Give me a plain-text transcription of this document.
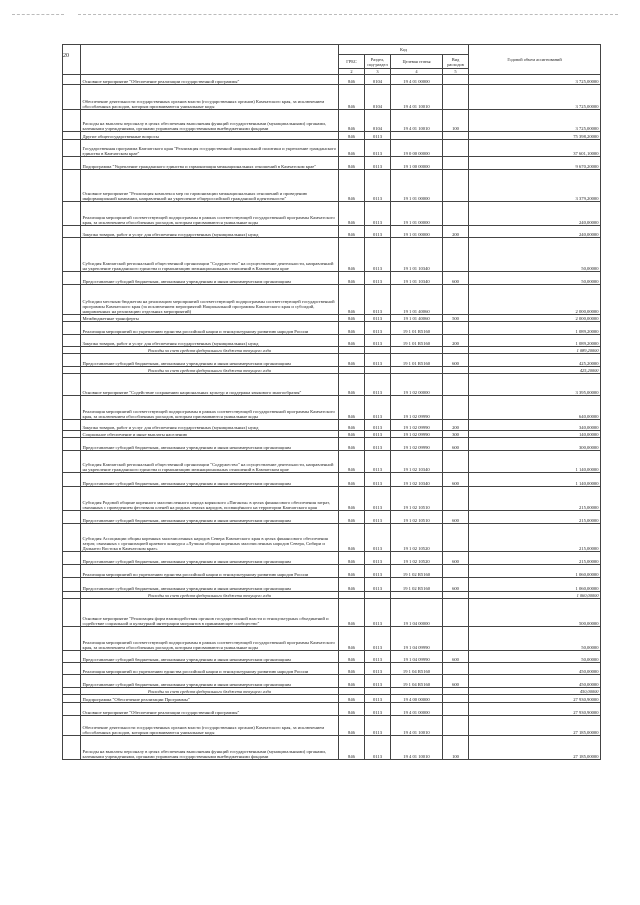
20
		Код				Годовой объем ассигнований
		ГРБС	Раздел, под-раздел	Целевая статья	Вид расходов	
		2	3	4	5	
	Основное мероприятие "Обеспечение реализации государственной программы"	846	0104	19 4 01 00000		3 725,00000
	Обеспечение деятельности государственных органов власти (государственных органов) Камчатского края, за исключением обособленных расходов, которым присваиваются уникальные коды	846	0104	19 4 01 10010		3 725,00000
	Расходы на выплаты персоналу в целях обеспечения выполнения функций государственными (муниципальными) органами, казенными учреждениями, органами управления государственными внебюджетными фондами	846	0104	19 4 01 10010	100	3 725,00000
	Другие общегосударственные вопросы	846	0113			75 398,20000
	Государственная программа Камчатского края "Реализация государственной национальной политики и укрепление гражданского единства в Камчатском крае"	846	0113	19 0 00 00000		37 601,10000
	Подпрограмма "Укрепление гражданского единства и гармонизация межнациональных отношений в Камчатском крае"	846	0113	19 1 00 00000		9 670,20000
	Основное мероприятие "Реализация комплекса мер по гармонизации межнациональных отношений и проведению информационной кампании, направленной на укрепление общероссийской гражданской идентичности"	846	0113	19 1 01 00000		3 379,20000
	Реализация мероприятий соответствующей подпрограммы в рамках соответствующей государственной программы Камчатского края, за исключением обособленных расходов, которым присваиваются уникальные коды	846	0113	19 1 01 00000		240,00000
	Закупка товаров, работ и услуг для обеспечения государственных (муниципальных) нужд	846	0113	19 1 01 00000	200	240,00000
	Субсидия Камчатской региональной общественной организации "Содружество" на осуществление деятельности, направленной на укрепление гражданского единства и гармонизацию межнациональных отношений в Камчатском крае	846	0113	19 1 01 10340		50,00000
	Предоставление субсидий бюджетным, автономным учреждениям и иным некоммерческим организациям	846	0113	19 1 01 10340	600	50,00000
	Субсидии местным бюджетам на реализацию мероприятий соответствующей подпрограммы соответствующей государственной программы Камчатского края (за исключением мероприятий Национальной программы Камчатского края и субсидий, направленных на реализацию отдельных мероприятий)	846	0113	19 1 01 40060		2 000,00000
	Межбюджетные трансферты	846	0113	19 1 01 40060	500	2 000,00000
	Реализация мероприятий по укреплению единства российской нации и этнокультурному развитию народов России	846	0113	19 1 01 R5160		1 089,20000
	Закупка товаров, работ и услуг для обеспечения государственных (муниципальных) нужд	846	0113	19 1 01 R5160	200	1 089,20000
	Расходы за счет средств федерального бюджета текущего года					1 089,20000
	Предоставление субсидий бюджетным, автономным учреждениям и иным некоммерческим организациям	846	0113	19 1 01 R5160	600	425,20000
	Расходы за счет средств федерального бюджета текущего года					425,20000
	Основное мероприятие "Содействие сохранению национальных культур и поддержка языкового многообразия"	846	0113	19 1 02 00000		3 395,00000
	Реализация мероприятий соответствующей подпрограммы в рамках соответствующей государственной программы Камчатского края, за исключением обособленных расходов, которым присваиваются уникальные коды	846	0113	19 1 02 09990		640,00000
	Закупка товаров, работ и услуг для обеспечения государственных (муниципальных) нужд	846	0113	19 1 02 09990	200	340,00000
	Социальное обеспечение и иные выплаты населению	846	0113	19 1 02 09990	300	140,00000
	Предоставление субсидий бюджетным, автономным учреждениям и иным некоммерческим организациям	846	0113	19 1 02 09990	600	300,00000
	Субсидия Камчатской региональной общественной организации "Содружество" на осуществление деятельности, направленной на укрепление гражданского единства и гармонизацию межнациональных отношений в Камчатском крае	846	0113	19 1 02 10340		1 140,00000
	Предоставление субсидий бюджетным, автономным учреждениям и иным некоммерческим организациям	846	0113	19 1 02 10340	600	1 140,00000
	Субсидия Родовой общине коренного малочисленного народа корякского «Пиганэн» в целях финансового обеспечения затрат, связанных с проведением фестиваля оленей на родных землях народов, посвящённого на территории Камчатского края	846	0113	19 1 02 10510		215,00000
	Предоставление субсидий бюджетным, автономным учреждениям и иным некоммерческим организациям	846	0113	19 1 02 10510	600	215,00000
	Субсидия Ассоциации общин коренных малочисленных народов Севера Камчатского края в целях финансового обеспечения затрат, связанных с организацией краевого конкурса «Лучшая община коренных малочисленных народов Севера, Сибири и Дальнего Востока в Камчатском крае»	846	0113	19 1 02 10520		215,00000
	Предоставление субсидий бюджетным, автономным учреждениям и иным некоммерческим организациям	846	0113	19 1 02 10520	600	215,00000
	Реализация мероприятий по укреплению единства российской нации и этнокультурному развитию народов России	846	0113	19 1 02 R5160		1 060,00000
	Предоставление субсидий бюджетным, автономным учреждениям и иным некоммерческим организациям	846	0113	19 1 02 R5160	600	1 060,00000
	Расходы за счет средств федерального бюджета текущего года					1 060,00000
	Основное мероприятие "Реализация форм взаимодействия органов государственной власти и этнокультурных объединений и содействие социальной и культурной интеграции мигрантов в принимающее сообщество"	846	0113	19 1 04 00000		500,00000
	Реализация мероприятий соответствующей подпрограммы в рамках соответствующей государственной программы Камчатского края, за исключением обособленных расходов, которым присваиваются уникальные коды	846	0113	19 1 04 09990		50,00000
	Предоставление субсидий бюджетным, автономным учреждениям и иным некоммерческим организациям	846	0113	19 1 04 09990	600	50,00000
	Реализация мероприятий по укреплению единства российской нации и этнокультурному развитию народов России	846	0113	19 1 04 R5160		450,00000
	Предоставление субсидий бюджетным, автономным учреждениям и иным некоммерческим организациям	846	0113	19 1 04 R5160	600	450,00000
	Расходы за счет средств федерального бюджета текущего года					450,00000
	Подпрограмма "Обеспечение реализации Программы"	846	0113	19 4 00 00000		27 930,90000
	Основное мероприятие "Обеспечение реализации государственной программы"	846	0113	19 4 01 00000		27 930,90000
	Обеспечение деятельности государственных органов власти (государственных органов) Камчатского края, за исключением обособленных расходов, которым присваиваются уникальные коды	846	0113	19 4 01 10010		27 185,00000
	Расходы на выплаты персоналу в целях обеспечения выполнения функций государственными (муниципальными) органами, казенными учреждениями, органами управления государственными внебюджетными фондами	846	0113	19 4 01 10010	100	27 185,00000
